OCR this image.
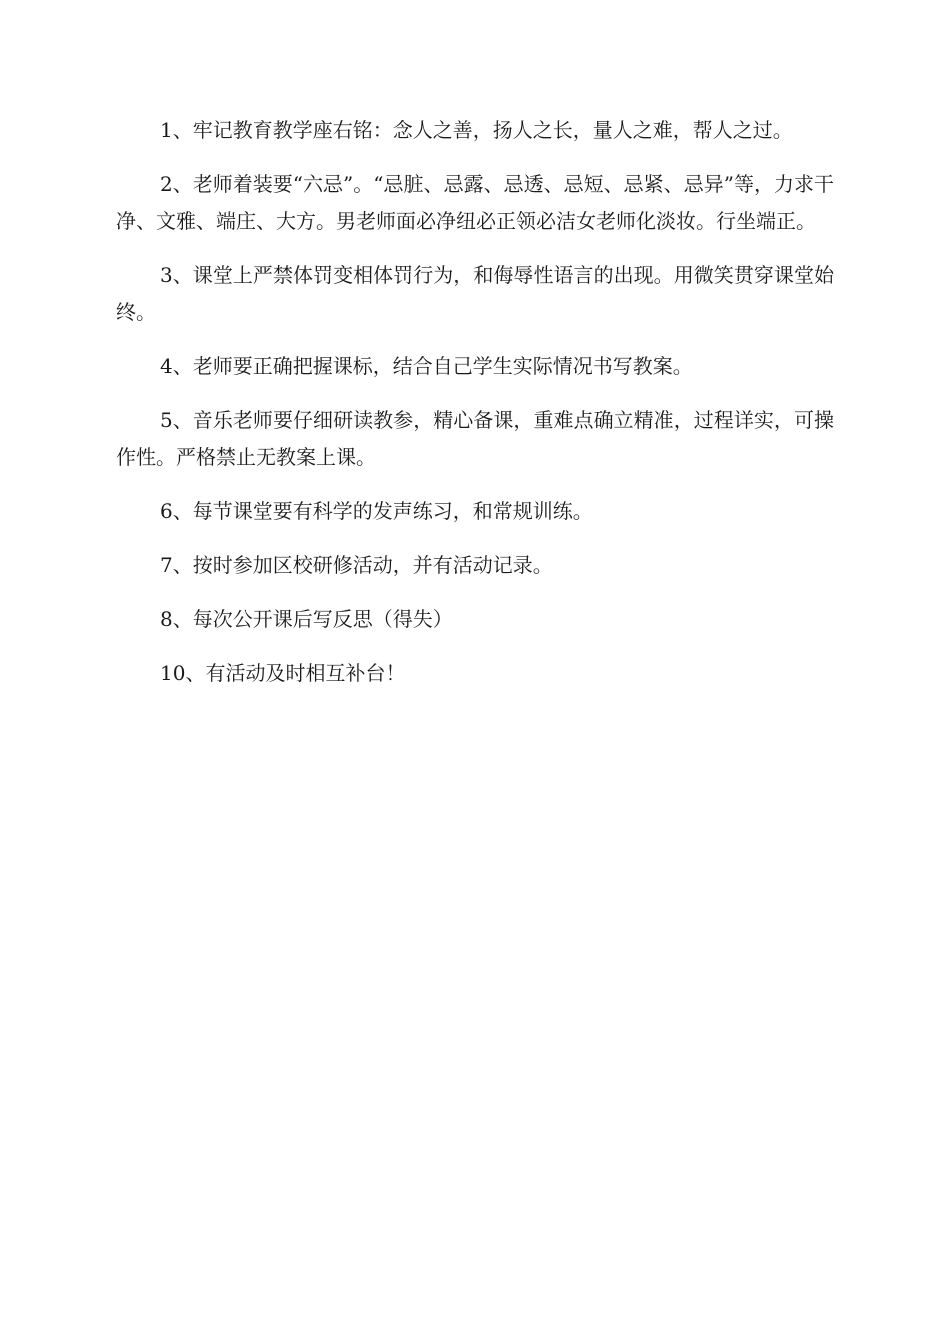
1、牢记教育教学座右铭：念人之善，扬人之长，量人之难，帮人之过。

2、老师着装要“六忌”。“忌脏、忌露、忌透、忌短、忌紧、忌异”等，力求干净、文雅、端庄、大方。男老师面必净纽必正领必洁女老师化淡妆。行坐端正。

3、课堂上严禁体罚变相体罚行为，和侮辱性语言的出现。用微笑贯穿课堂始终。

4、老师要正确把握课标，结合自己学生实际情况书写教案。

5、音乐老师要仔细研读教参，精心备课，重难点确立精准，过程详实，可操作性。严格禁止无教案上课。

6、每节课堂要有科学的发声练习，和常规训练。

7、按时参加区校研修活动，并有活动记录。

8、每次公开课后写反思（得失）

10、有活动及时相互补台！
